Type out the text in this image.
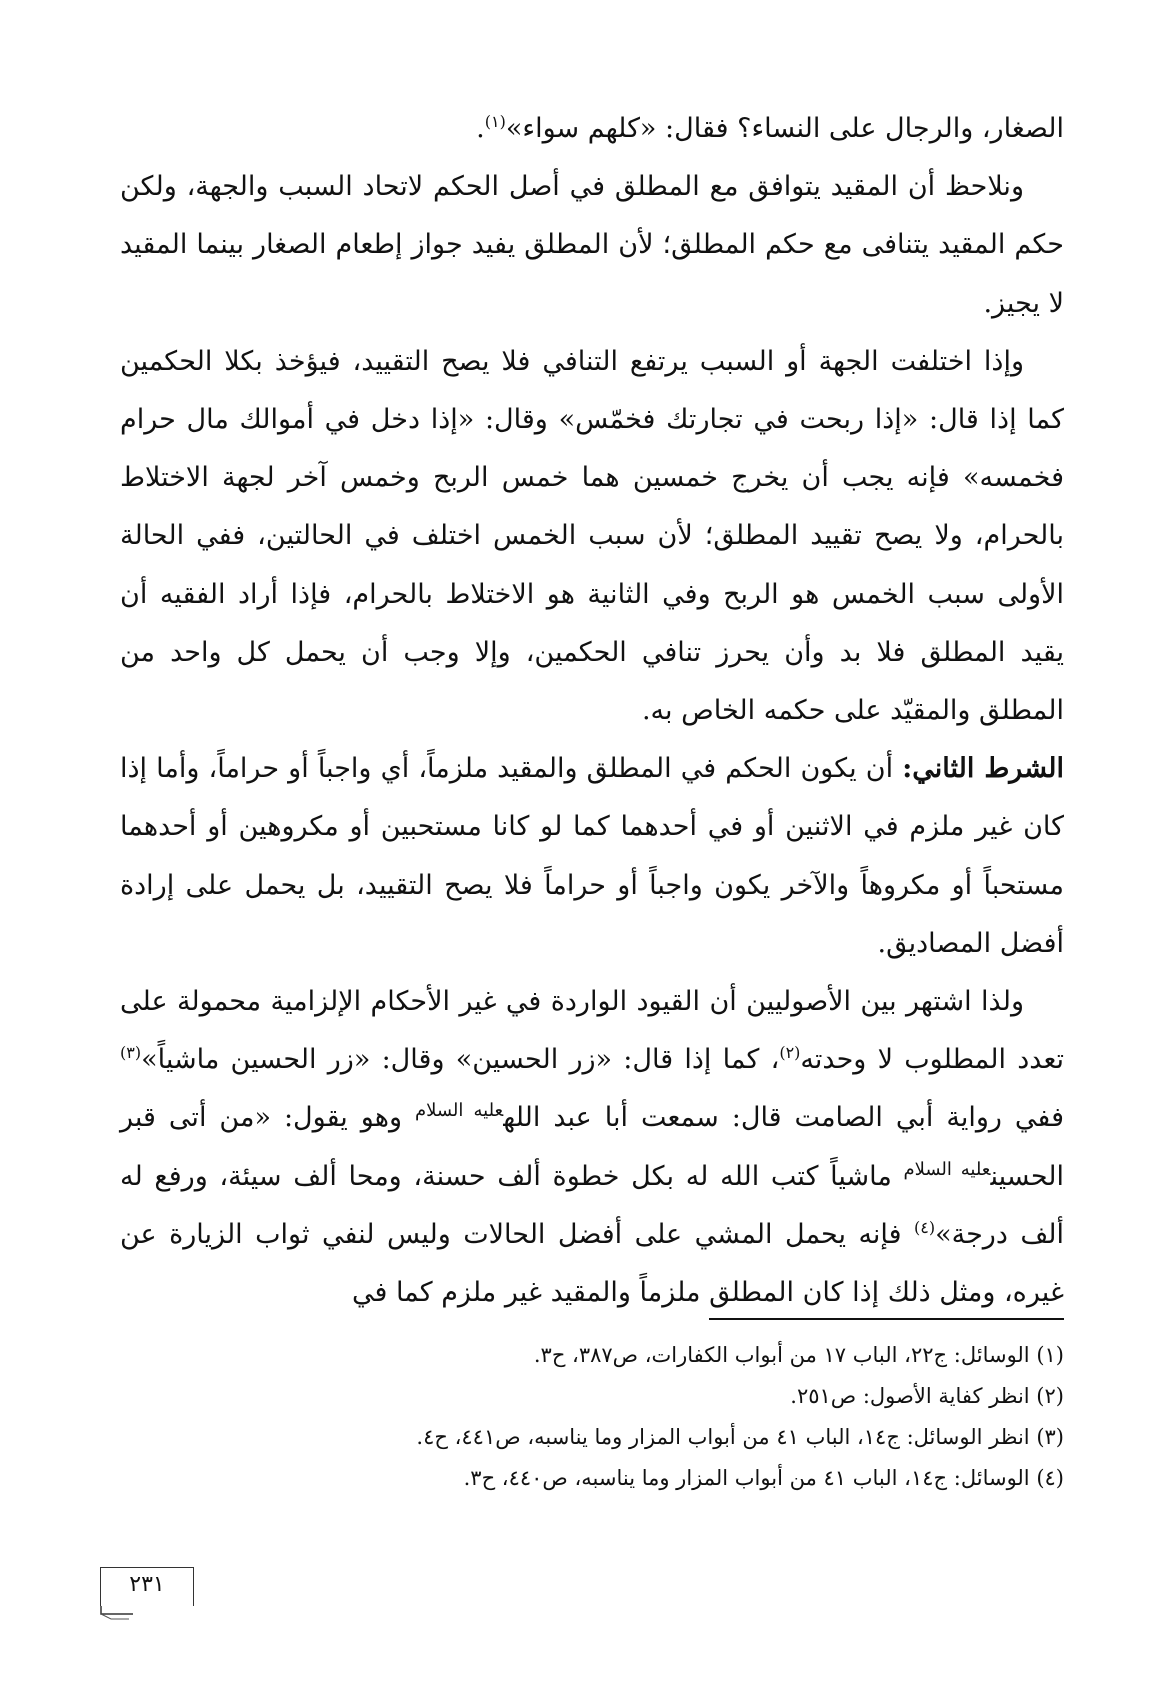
الصغار، والرجال على النساء؟ فقال: «كلهم سواء»$^{(١)}$.

ونلاحظ أن المقيد يتوافق مع المطلق في أصل الحكم لاتحاد السبب والجهة، ولكن حكم المقيد يتنافى مع حكم المطلق؛ لأن المطلق يفيد جواز إطعام الصغار بينما المقيد لا يجيز.

وإذا اختلفت الجهة أو السبب يرتفع التنافي فلا يصح التقييد، فيؤخذ بكلا الحكمين كما إذا قال: «إذا ربحت في تجارتك فخمّس» وقال: «إذا دخل في أموالك مال حرام فخمسه» فإنه يجب أن يخرج خمسين هما خمس الربح وخمس آخر لجهة الاختلاط بالحرام، ولا يصح تقييد المطلق؛ لأن سبب الخمس اختلف في الحالتين، ففي الحالة الأولى سبب الخمس هو الربح وفي الثانية هو الاختلاط بالحرام، فإذا أراد الفقيه أن يقيد المطلق فلا بد وأن يحرز تنافي الحكمين، وإلا وجب أن يحمل كل واحد من المطلق والمقيّد على حكمه الخاص به.

الشرط الثاني: أن يكون الحكم في المطلق والمقيد ملزماً، أي واجباً أو حراماً، وأما إذا كان غير ملزم في الاثنين أو في أحدهما كما لو كانا مستحبين أو مكروهين أو أحدهما مستحباً أو مكروهاً والآخر يكون واجباً أو حراماً فلا يصح التقييد، بل يحمل على إرادة أفضل المصاديق.

ولذا اشتهر بين الأصوليين أن القيود الواردة في غير الأحكام الإلزامية محمولة على تعدد المطلوب لا وحدته$^{(٢)}$، كما إذا قال: «زر الحسين» وقال: «زر الحسين ماشياً»$^{(٣)}$ ففي رواية أبي الصامت قال: سمعت أبا عبد الله$^{عليه السلام}$ وهو يقول: «من أتى قبر الحسين$^{عليه السلام}$ ماشياً كتب الله له بكل خطوة ألف حسنة، ومحا ألف سيئة، ورفع له ألف درجة»$^{(٤)}$ فإنه يحمل المشي على أفضل الحالات وليس لنفي ثواب الزيارة عن غيره، ومثل ذلك إذا كان المطلق ملزماً والمقيد غير ملزم كما في

(١) الوسائل: ج٢٢، الباب ١٧ من أبواب الكفارات، ص٣٨٧، ح٣.

(٢) انظر كفاية الأصول: ص٢٥١.

(٣) انظر الوسائل: ج١٤، الباب ٤١ من أبواب المزار وما يناسبه، ص٤٤١، ح٤.

(٤) الوسائل: ج١٤، الباب ٤١ من أبواب المزار وما يناسبه، ص٤٤٠، ح٣.

٢٣١
